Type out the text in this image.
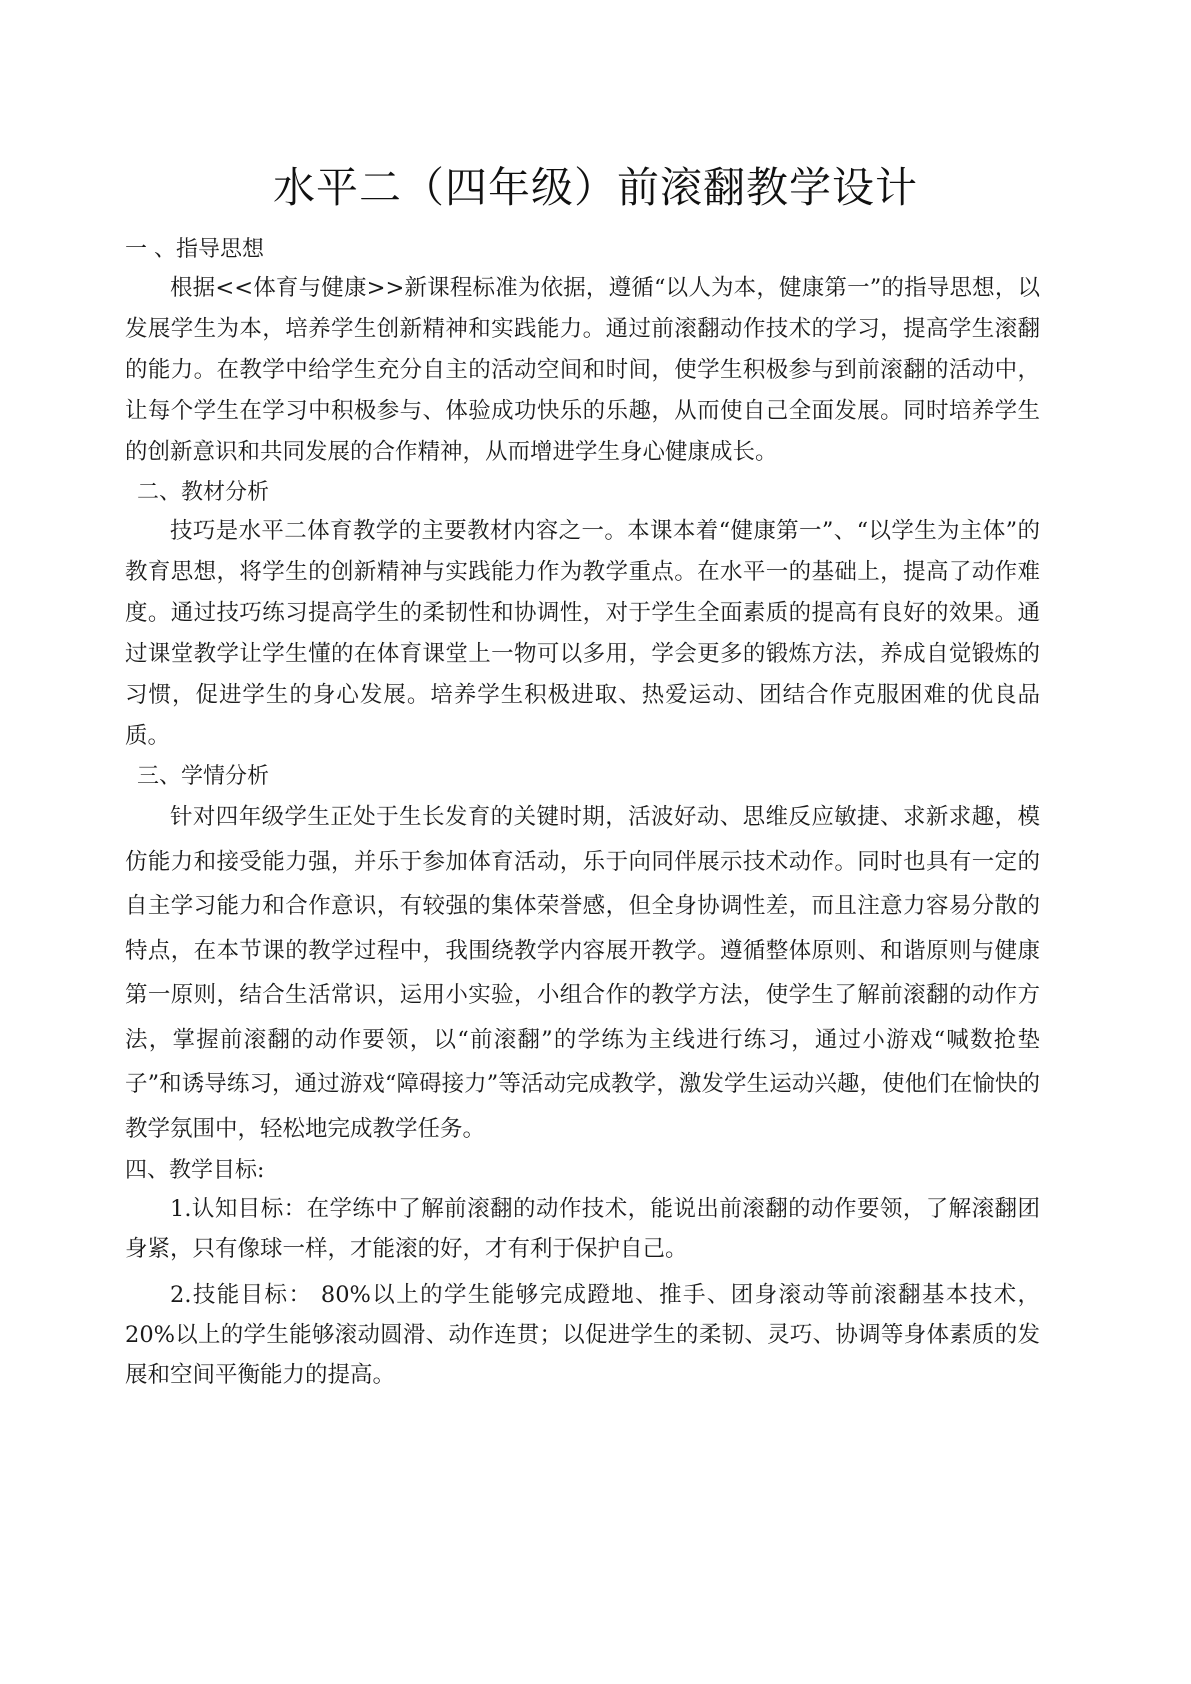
水平二（四年级）前滚翻教学设计
一 、指导思想

根据<<体育与健康>>新课程标准为依据，遵循“以人为本，健康第一”的指导思想，以发展学生为本，培养学生创新精神和实践能力。通过前滚翻动作技术的学习，提高学生滚翻的能力。在教学中给学生充分自主的活动空间和时间，使学生积极参与到前滚翻的活动中，让每个学生在学习中积极参与、体验成功快乐的乐趣，从而使自己全面发展。同时培养学生的创新意识和共同发展的合作精神，从而增进学生身心健康成长。

二、教材分析

技巧是水平二体育教学的主要教材内容之一。本课本着“健康第一”、“以学生为主体”的教育思想，将学生的创新精神与实践能力作为教学重点。在水平一的基础上，提高了动作难度。通过技巧练习提高学生的柔韧性和协调性，对于学生全面素质的提高有良好的效果。通过课堂教学让学生懂的在体育课堂上一物可以多用，学会更多的锻炼方法，养成自觉锻炼的习惯，促进学生的身心发展。培养学生积极进取、热爱运动、团结合作克服困难的优良品质。

三、学情分析

针对四年级学生正处于生长发育的关键时期，活波好动、思维反应敏捷、求新求趣，模仿能力和接受能力强，并乐于参加体育活动，乐于向同伴展示技术动作。同时也具有一定的自主学习能力和合作意识，有较强的集体荣誉感，但全身协调性差，而且注意力容易分散的特点，在本节课的教学过程中，我围绕教学内容展开教学。遵循整体原则、和谐原则与健康第一原则，结合生活常识，运用小实验，小组合作的教学方法，使学生了解前滚翻的动作方法，掌握前滚翻的动作要领，以“前滚翻”的学练为主线进行练习，通过小游戏“喊数抢垫子”和诱导练习，通过游戏“障碍接力”等活动完成教学，激发学生运动兴趣，使他们在愉快的教学氛围中，轻松地完成教学任务。

四、教学目标:

1.认知目标：在学练中了解前滚翻的动作技术，能说出前滚翻的动作要领，了解滚翻团身紧，只有像球一样，才能滚的好，才有利于保护自己。

2.技能目标： 80%以上的学生能够完成蹬地、推手、团身滚动等前滚翻基本技术，20%以上的学生能够滚动圆滑、动作连贯；以促进学生的柔韧、灵巧、协调等身体素质的发展和空间平衡能力的提高。
